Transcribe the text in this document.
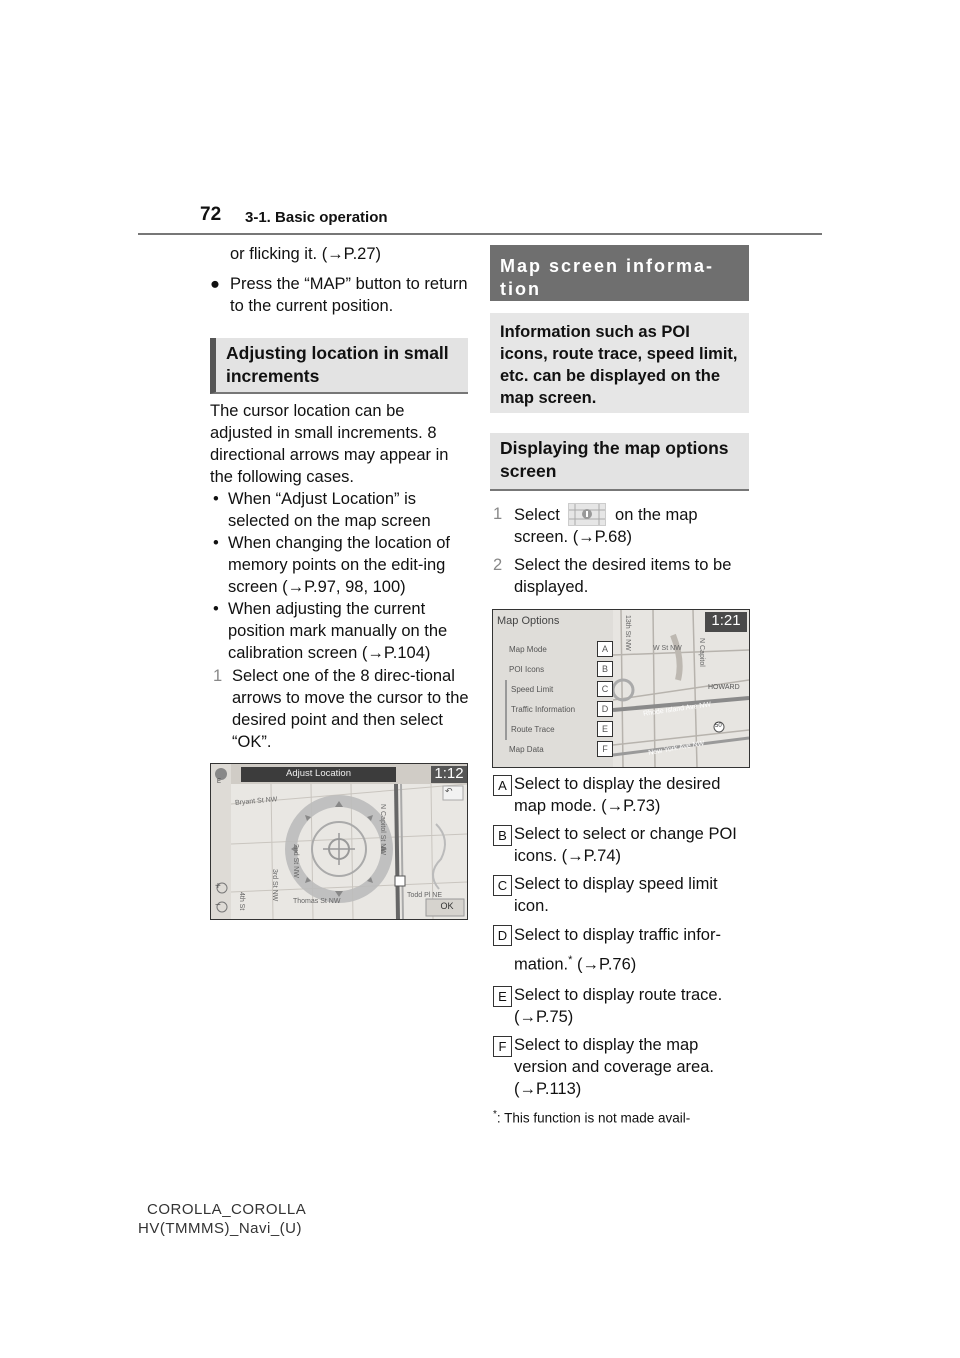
72 3-1. Basic operation
or flicking it. (→P.27)
● Press the “MAP” button to return to the current position.
Adjusting location in small increments
The cursor location can be adjusted in small increments. 8 directional arrows may appear in the following cases.
• When “Adjust Location” is selected on the map screen
• When changing the location of memory points on the edit-ing screen (→P.97, 98, 100)
• When adjusting the current position mark manually on the calibration screen (→P.104)
1 Select one of the 8 direc-tional arrows to move the cursor to the desired point and then select “OK”.
Adjust Location	1:12
OK
E
+
−
↶
Bryant St NW
N Capitol St NW
2nd St NW
3rd St NW
4th St	Thomas St NW
Todd Pl NE
Map screen informa-tion
Information such as POI icons, route trace, speed limit, etc. can be displayed on the map screen.
Displaying the map options screen
1 Select	on the map screen. (→P.68)
2 Select the desired items to be displayed.
Map Options	1:21
Map Mode	A
POI Icons	B
Speed Limit	C
Traffic Information	D
Route Trace	E
Map Data	F
13th St NW	W St NW N Capitol
HOWARD
Rhode Island Ave NW
New York Ave NW
50
A Select to display the desired map mode. (→P.73)
B Select to select or change POI icons. (→P.74)
C Select to display speed limit icon.
D Select to display traffic infor-mation.* (→P.76)
E Select to display route trace. (→P.75)
F Select to display the map version and coverage area. (→P.113)
*: This function is not made avail-
COROLLA_COROLLA
HV(TMMMS)_Navi_(U)
